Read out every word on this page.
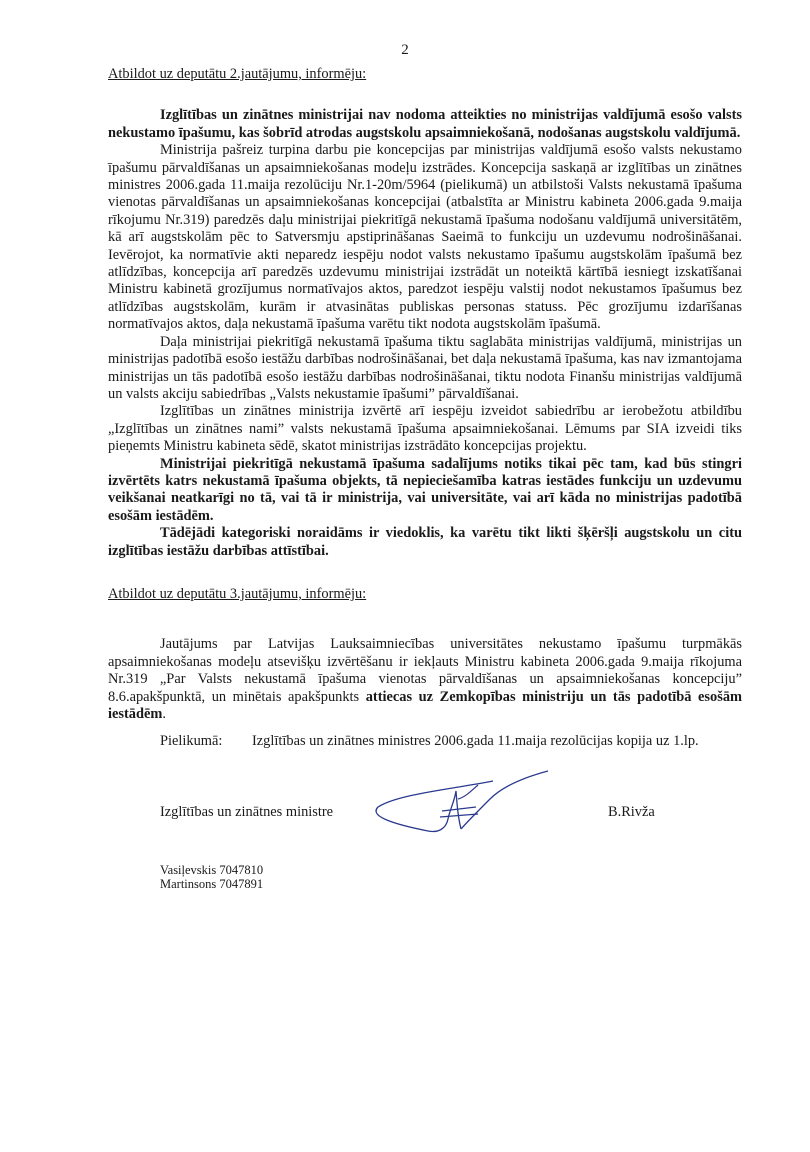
2

Atbildot uz deputātu 2.jautājumu, informēju:

Izglītības un zinātnes ministrijai nav nodoma atteikties no ministrijas valdījumā esošo valsts nekustamo īpašumu, kas šobrīd atrodas augstskolu apsaimniekošanā, nodošanas augstskolu valdījumā.

Ministrija pašreiz turpina darbu pie koncepcijas par ministrijas valdījumā esošo valsts nekustamo īpašumu pārvaldīšanas un apsaimniekošanas modeļu izstrādes. Koncepcija saskaņā ar izglītības un zinātnes ministres 2006.gada 11.maija rezolūciju Nr.1-20m/5964 (pielikumā) un atbilstoši Valsts nekustamā īpašuma vienotas pārvaldīšanas un apsaimniekošanas koncepcijai (atbalstīta ar Ministru kabineta 2006.gada 9.maija rīkojumu Nr.319) paredzēs daļu ministrijai piekritīgā nekustamā īpašuma nodošanu valdījumā universitātēm, kā arī augstskolām pēc to Satversmju apstiprināšanas Saeimā to funkciju un uzdevumu nodrošināšanai. Ievērojot, ka normatīvie akti neparedz iespēju nodot valsts nekustamo īpašumu augstskolām īpašumā bez atlīdzības, koncepcija arī paredzēs uzdevumu ministrijai izstrādāt un noteiktā kārtībā iesniegt izskatīšanai Ministru kabinetā grozījumus normatīvajos aktos, paredzot iespēju valstij nodot nekustamos īpašumus bez atlīdzības augstskolām, kurām ir atvasinātas publiskas personas statuss. Pēc grozījumu izdarīšanas normatīvajos aktos, daļa nekustamā īpašuma varētu tikt nodota augstskolām īpašumā.

Daļa ministrijai piekritīgā nekustamā īpašuma tiktu saglabāta ministrijas valdījumā, ministrijas un ministrijas padotībā esošo iestāžu darbības nodrošināšanai, bet daļa nekustamā īpašuma, kas nav izmantojama ministrijas un tās padotībā esošo iestāžu darbības nodrošināšanai, tiktu nodota Finanšu ministrijas valdījumā un valsts akciju sabiedrības „Valsts nekustamie īpašumi” pārvaldīšanai.

Izglītības un zinātnes ministrija izvērtē arī iespēju izveidot sabiedrību ar ierobežotu atbildību „Izglītības un zinātnes nami” valsts nekustamā īpašuma apsaimniekošanai. Lēmums par SIA izveidi tiks pieņemts Ministru kabineta sēdē, skatot ministrijas izstrādāto koncepcijas projektu.

Ministrijai piekritīgā nekustamā īpašuma sadalījums notiks tikai pēc tam, kad būs stingri izvērtēts katrs nekustamā īpašuma objekts, tā nepieciešamība katras iestādes funkciju un uzdevumu veikšanai neatkarīgi no tā, vai tā ir ministrija, vai universitāte, vai arī kāda no ministrijas padotībā esošām iestādēm.

Tādējādi kategoriski noraidāms ir viedoklis, ka varētu tikt likti šķēršļi augstskolu un citu izglītības iestāžu darbības attīstībai.

Atbildot uz deputātu 3.jautājumu, informēju:

Jautājums par Latvijas Lauksaimniecības universitātes nekustamo īpašumu turpmākās apsaimniekošanas modeļu atsevišķu izvērtēšanu ir iekļauts Ministru kabineta 2006.gada 9.maija rīkojuma Nr.319 „Par Valsts nekustamā īpašuma vienotas pārvaldīšanas un apsaimniekošanas koncepciju” 8.6.apakšpunktā, un minētais apakšpunkts attiecas uz Zemkopības ministriju un tās padotībā esošām iestādēm.

Pielikumā:	Izglītības un zinātnes ministres 2006.gada 11.maija rezolūcijas kopija uz 1.lp.
Izglītības un zinātnes ministre	B.Rivža
Vasiļevskis 7047810
Martinsons 7047891
